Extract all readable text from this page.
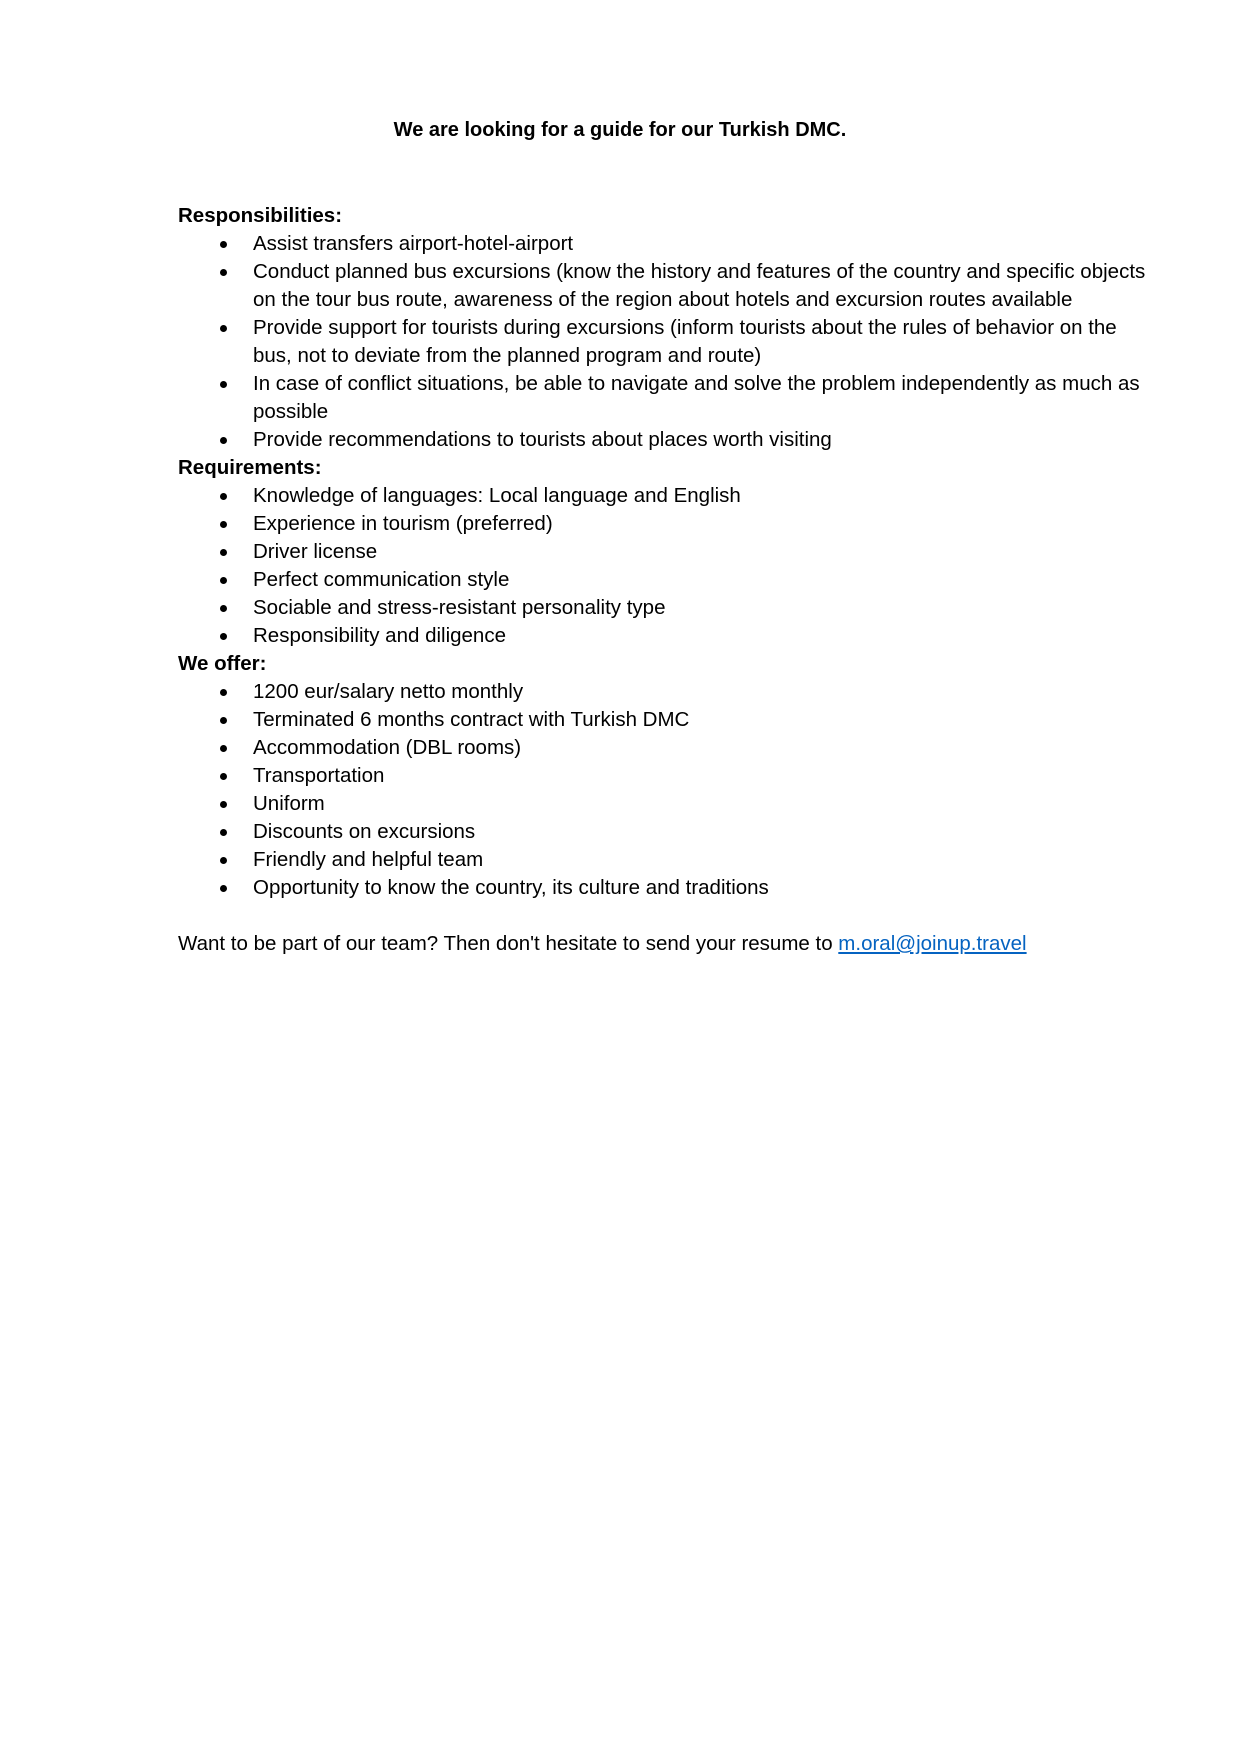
We are looking for a guide for our Turkish DMC.

Responsibilities:

Assist transfers airport-hotel-airport
Conduct planned bus excursions (know the history and features of the country and specific objects on the tour bus route, awareness of the region about hotels and excursion routes available
Provide support for tourists during excursions (inform tourists about the rules of behavior on the bus, not to deviate from the planned program and route)
In case of conflict situations, be able to navigate and solve the problem independently as much as possible
Provide recommendations to tourists about places worth visiting

Requirements:

Knowledge of languages: Local language and English
Experience in tourism (preferred)
Driver license
Perfect communication style
Sociable and stress-resistant personality type
Responsibility and diligence

We offer:

1200 eur/salary netto monthly
Terminated 6 months contract with Turkish DMC
Accommodation (DBL rooms)
Transportation
Uniform
Discounts on excursions
Friendly and helpful team
Opportunity to know the country, its culture and traditions

Want to be part of our team? Then don't hesitate to send your resume to m.oral@joinup.travel
